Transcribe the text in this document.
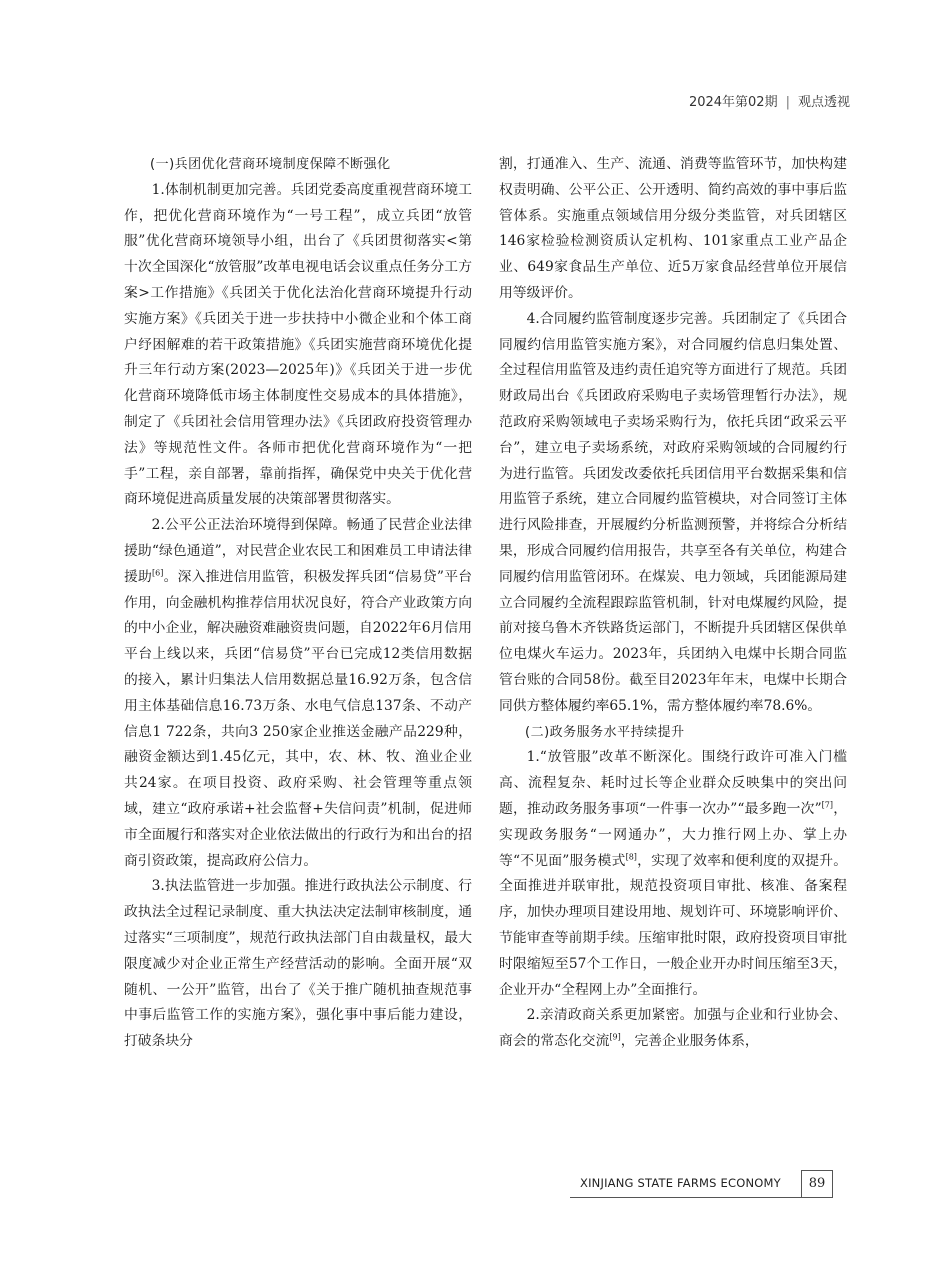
2024年第02期 | 观点透视

(一)兵团优化营商环境制度保障不断强化

1.体制机制更加完善。兵团党委高度重视营商环境工作，把优化营商环境作为“一号工程”，成立兵团“放管服”优化营商环境领导小组，出台了《兵团贯彻落实<第十次全国深化“放管服”改革电视电话会议重点任务分工方案>工作措施》《兵团关于优化法治化营商环境提升行动实施方案》《兵团关于进一步扶持中小微企业和个体工商户纾困解难的若干政策措施》《兵团实施营商环境优化提升三年行动方案(2023—2025年)》《兵团关于进一步优化营商环境降低市场主体制度性交易成本的具体措施》，制定了《兵团社会信用管理办法》《兵团政府投资管理办法》等规范性文件。各师市把优化营商环境作为“一把手”工程，亲自部署，靠前指挥，确保党中央关于优化营商环境促进高质量发展的决策部署贯彻落实。

2.公平公正法治环境得到保障。畅通了民营企业法律援助“绿色通道”，对民营企业农民工和困难员工申请法律援助[6]。深入推进信用监管，积极发挥兵团“信易贷”平台作用，向金融机构推荐信用状况良好，符合产业政策方向的中小企业，解决融资难融资贵问题，自2022年6月信用平台上线以来，兵团“信易贷”平台已完成12类信用数据的接入，累计归集法人信用数据总量16.92万条，包含信用主体基础信息16.73万条、水电气信息137条、不动产信息1 722条，共向3 250家企业推送金融产品229种，融资金额达到1.45亿元，其中，农、林、牧、渔业企业共24家。在项目投资、政府采购、社会管理等重点领域，建立“政府承诺+社会监督+失信问责”机制，促进师市全面履行和落实对企业依法做出的行政行为和出台的招商引资政策，提高政府公信力。

3.执法监管进一步加强。推进行政执法公示制度、行政执法全过程记录制度、重大执法决定法制审核制度，通过落实“三项制度”，规范行政执法部门自由裁量权，最大限度减少对企业正常生产经营活动的影响。全面开展“双随机、一公开”监管，出台了《关于推广随机抽查规范事中事后监管工作的实施方案》，强化事中事后能力建设，打破条块分

割，打通准入、生产、流通、消费等监管环节，加快构建权责明确、公平公正、公开透明、简约高效的事中事后监管体系。实施重点领域信用分级分类监管，对兵团辖区146家检验检测资质认定机构、101家重点工业产品企业、649家食品生产单位、近5万家食品经营单位开展信用等级评价。

4.合同履约监管制度逐步完善。兵团制定了《兵团合同履约信用监管实施方案》，对合同履约信息归集处置、全过程信用监管及违约责任追究等方面进行了规范。兵团财政局出台《兵团政府采购电子卖场管理暂行办法》，规范政府采购领域电子卖场采购行为，依托兵团“政采云平台”，建立电子卖场系统，对政府采购领域的合同履约行为进行监管。兵团发改委依托兵团信用平台数据采集和信用监管子系统，建立合同履约监管模块，对合同签订主体进行风险排查，开展履约分析监测预警，并将综合分析结果，形成合同履约信用报告，共享至各有关单位，构建合同履约信用监管闭环。在煤炭、电力领域，兵团能源局建立合同履约全流程跟踪监管机制，针对电煤履约风险，提前对接乌鲁木齐铁路货运部门，不断提升兵团辖区保供单位电煤火车运力。2023年，兵团纳入电煤中长期合同监管台账的合同58份。截至目2023年年末，电煤中长期合同供方整体履约率65.1%，需方整体履约率78.6%。

(二)政务服务水平持续提升

1.“放管服”改革不断深化。围绕行政许可准入门槛高、流程复杂、耗时过长等企业群众反映集中的突出问题，推动政务服务事项“一件事一次办”“最多跑一次”[7]，实现政务服务“一网通办”，大力推行网上办、掌上办等“不见面”服务模式[8]，实现了效率和便利度的双提升。全面推进并联审批，规范投资项目审批、核准、备案程序，加快办理项目建设用地、规划许可、环境影响评价、节能审查等前期手续。压缩审批时限，政府投资项目审批时限缩短至57个工作日，一般企业开办时间压缩至3天，企业开办“全程网上办”全面推行。

2.亲清政商关系更加紧密。加强与企业和行业协会、商会的常态化交流[9]，完善企业服务体系，

XINJIANG STATE FARMS ECONOMY	89
